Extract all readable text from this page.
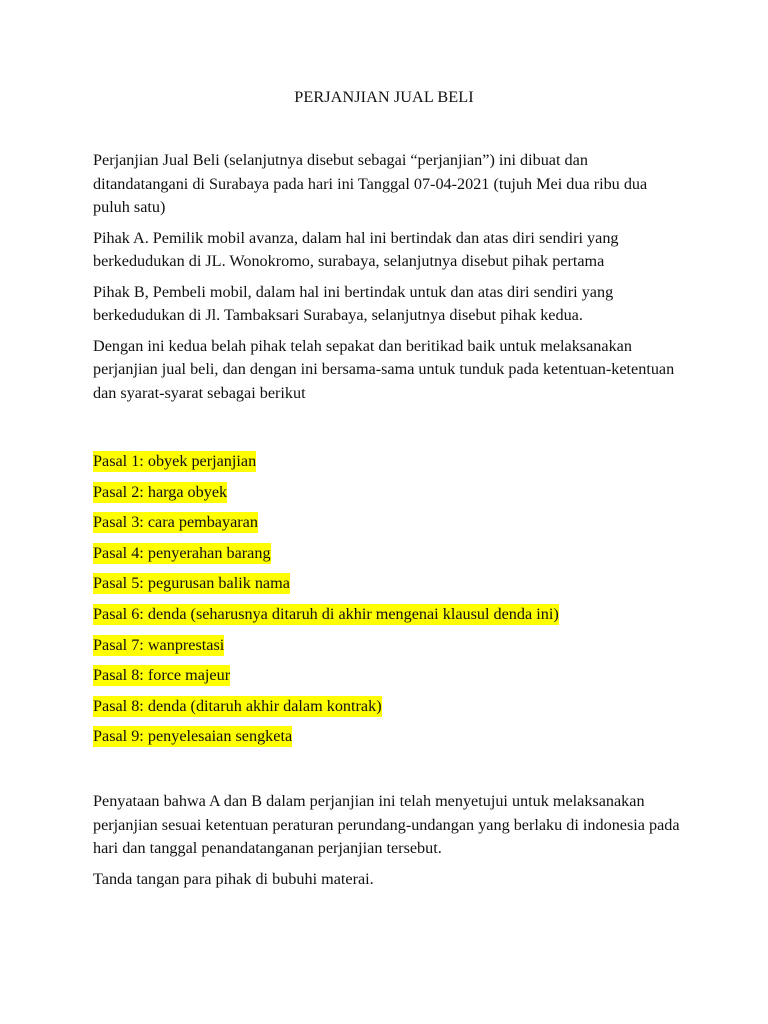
PERJANJIAN JUAL BELI

Perjanjian Jual Beli (selanjutnya disebut sebagai “perjanjian”) ini dibuat dan ditandatangani di Surabaya pada hari ini Tanggal 07-04-2021 (tujuh Mei dua ribu dua puluh satu)

Pihak A. Pemilik mobil avanza, dalam hal ini bertindak dan atas diri sendiri yang berkedudukan di JL. Wonokromo, surabaya, selanjutnya disebut pihak pertama

Pihak B, Pembeli mobil, dalam hal ini bertindak untuk dan atas diri sendiri yang berkedudukan di Jl. Tambaksari Surabaya, selanjutnya disebut pihak kedua.

Dengan ini kedua belah pihak telah sepakat dan beritikad baik untuk melaksanakan perjanjian jual beli, dan dengan ini bersama-sama untuk tunduk pada ketentuan-ketentuan dan syarat-syarat sebagai berikut

Pasal 1: obyek perjanjian
Pasal 2: harga obyek
Pasal 3: cara pembayaran
Pasal 4: penyerahan barang
Pasal 5: pegurusan balik nama
Pasal 6: denda (seharusnya ditaruh di akhir mengenai klausul denda ini)
Pasal 7: wanprestasi
Pasal 8: force majeur
Pasal 8: denda (ditaruh akhir dalam kontrak)
Pasal 9: penyelesaian sengketa

Penyataan bahwa A dan B dalam perjanjian ini telah menyetujui untuk melaksanakan perjanjian sesuai ketentuan peraturan perundang-undangan yang berlaku di indonesia pada hari dan tanggal penandatanganan perjanjian tersebut.

Tanda tangan para pihak di bubuhi materai.
